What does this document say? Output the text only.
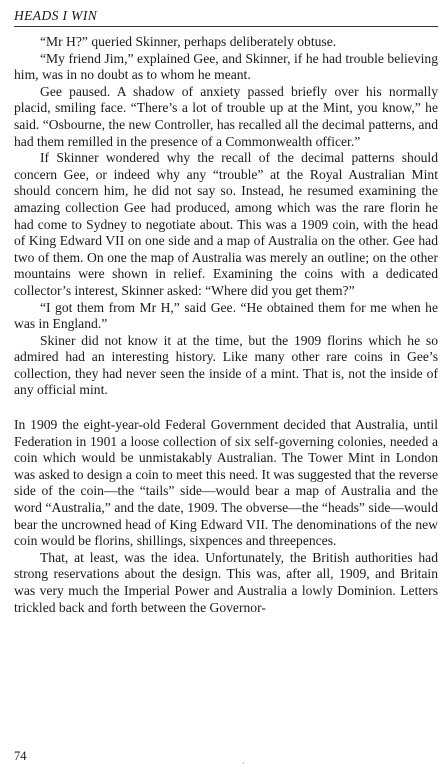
HEADS I WIN

“Mr H?” queried Skinner, perhaps deliberately obtuse.

“My friend Jim,” explained Gee, and Skinner, if he had trouble believing him, was in no doubt as to whom he meant.

Gee paused. A shadow of anxiety passed briefly over his normally placid, smiling face. “There’s a lot of trouble up at the Mint, you know,” he said. “Osbourne, the new Controller, has recalled all the decimal patterns, and had them remilled in the presence of a Commonwealth officer.”

If Skinner wondered why the recall of the decimal patterns should concern Gee, or indeed why any “trouble” at the Royal Australian Mint should concern him, he did not say so. Instead, he resumed examining the amazing collection Gee had produced, among which was the rare florin he had come to Sydney to negotiate about. This was a 1909 coin, with the head of King Edward VII on one side and a map of Australia on the other. Gee had two of them. On one the map of Australia was merely an outline; on the other mountains were shown in relief. Examining the coins with a dedicated collector’s interest, Skinner asked: “Where did you get them?”

“I got them from Mr H,” said Gee. “He obtained them for me when he was in England.”

Skiner did not know it at the time, but the 1909 florins which he so admired had an interesting history. Like many other rare coins in Gee’s collection, they had never seen the inside of a mint. That is, not the inside of any official mint.

In 1909 the eight-year-old Federal Government decided that Australia, until Federation in 1901 a loose collection of six self-governing colonies, needed a coin which would be unmistakably Australian. The Tower Mint in London was asked to design a coin to meet this need. It was suggested that the reverse side of the coin—the “tails” side—would bear a map of Australia and the word “Australia,” and the date, 1909. The obverse—the “heads” side—would bear the uncrowned head of King Edward VII. The denominations of the new coin would be florins, shillings, sixpences and threepences.

That, at least, was the idea. Unfortunately, the British authorities had strong reservations about the design. This was, after all, 1909, and Britain was very much the Imperial Power and Australia a lowly Dominion. Letters trickled back and forth between the Governor-

74
·
